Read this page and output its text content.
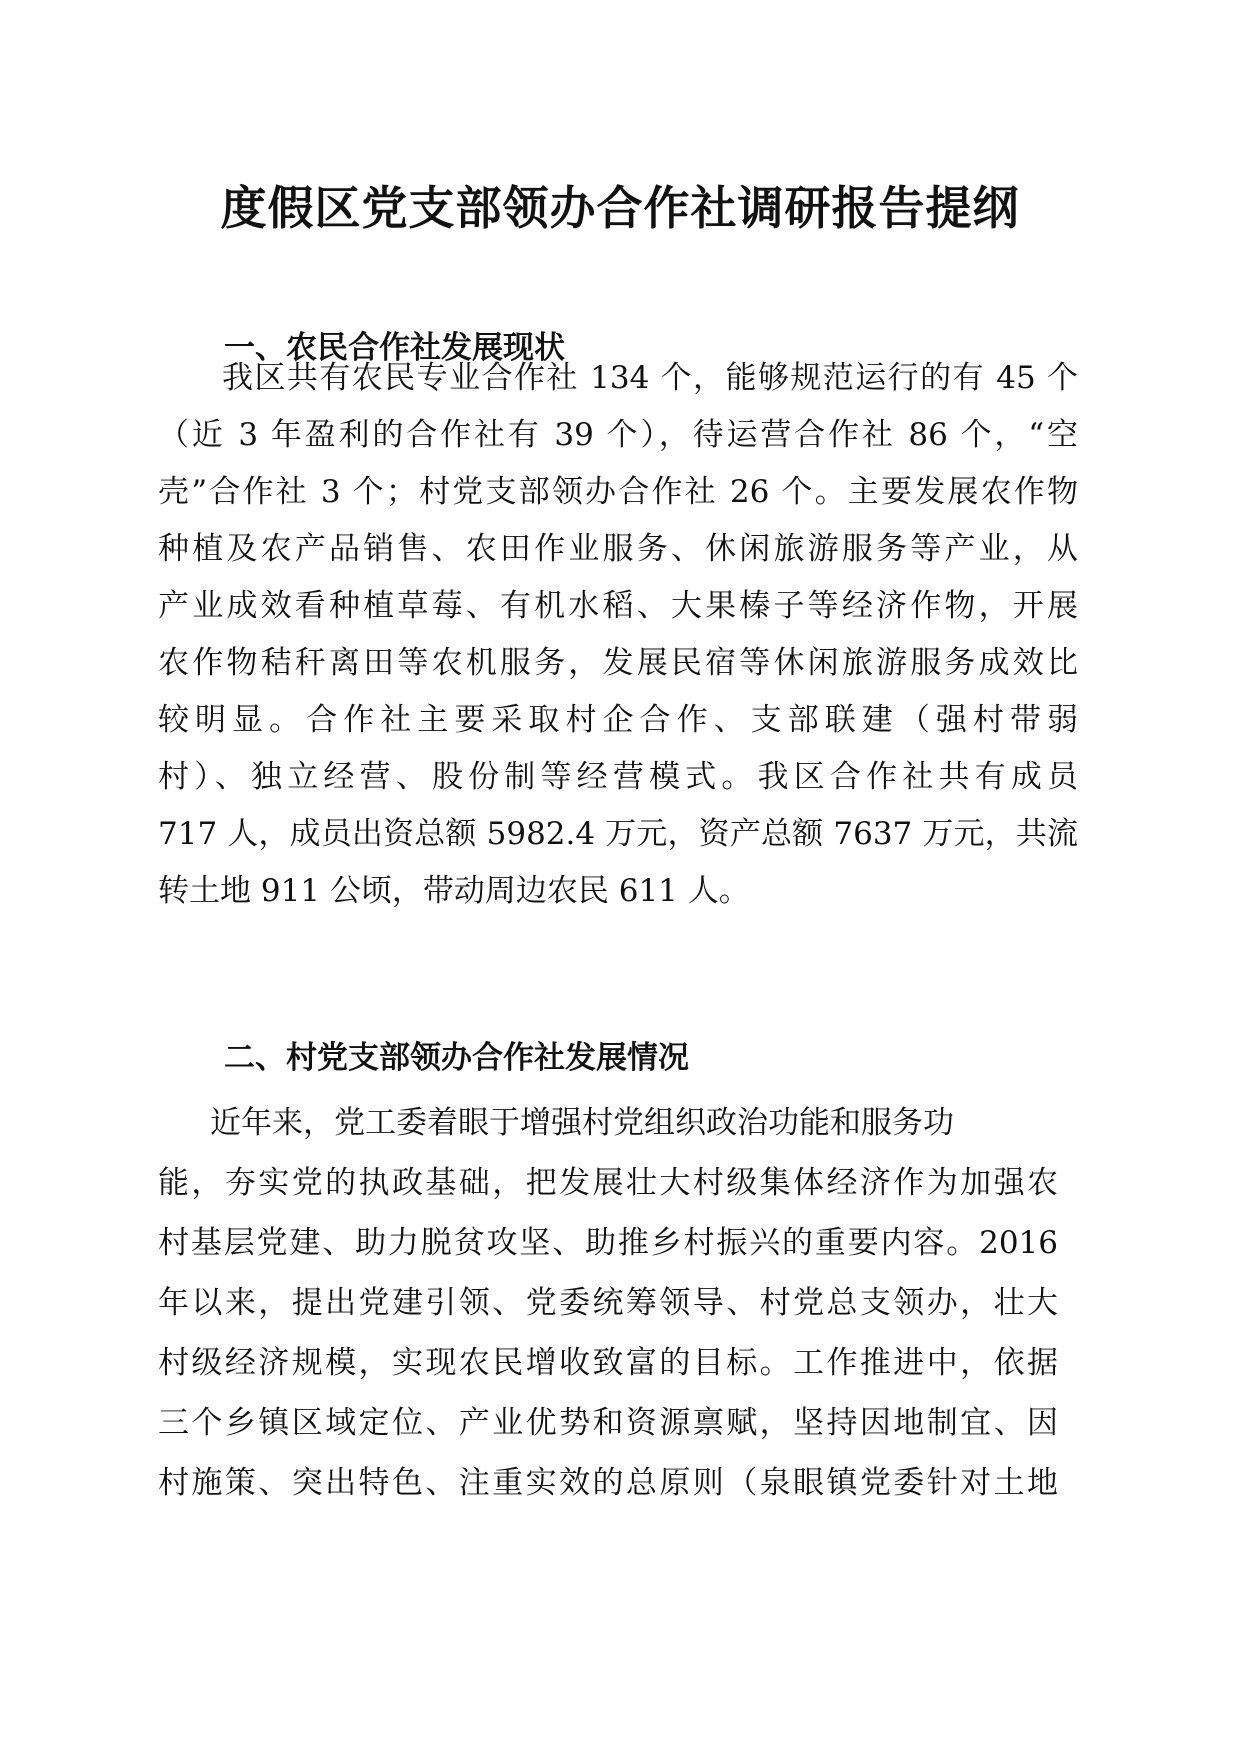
度假区党支部领办合作社调研报告提纲
一、农民合作社发展现状
我区共有农民专业合作社 134 个，能够规范运行的有 45 个
（近 3 年盈利的合作社有 39 个），待运营合作社 86 个，“空
壳”合作社 3 个；村党支部领办合作社 26 个。主要发展农作物
种植及农产品销售、农田作业服务、休闲旅游服务等产业，从
产业成效看种植草莓、有机水稻、大果榛子等经济作物，开展
农作物秸秆离田等农机服务，发展民宿等休闲旅游服务成效比
较明显。合作社主要采取村企合作、支部联建（强村带弱
村）、独立经营、股份制等经营模式。我区合作社共有成员
717 人，成员出资总额 5982.4 万元，资产总额 7637 万元，共流
转土地 911 公顷，带动周边农民 611 人。
二、村党支部领办合作社发展情况
近年来，党工委着眼于增强村党组织政治功能和服务功
能，夯实党的执政基础，把发展壮大村级集体经济作为加强农
村基层党建、助力脱贫攻坚、助推乡村振兴的重要内容。2016
年以来，提出党建引领、党委统筹领导、村党总支领办，壮大
村级经济规模，实现农民增收致富的目标。工作推进中，依据
三个乡镇区域定位、产业优势和资源禀赋，坚持因地制宜、因
村施策、突出特色、注重实效的总原则（泉眼镇党委针对土地
